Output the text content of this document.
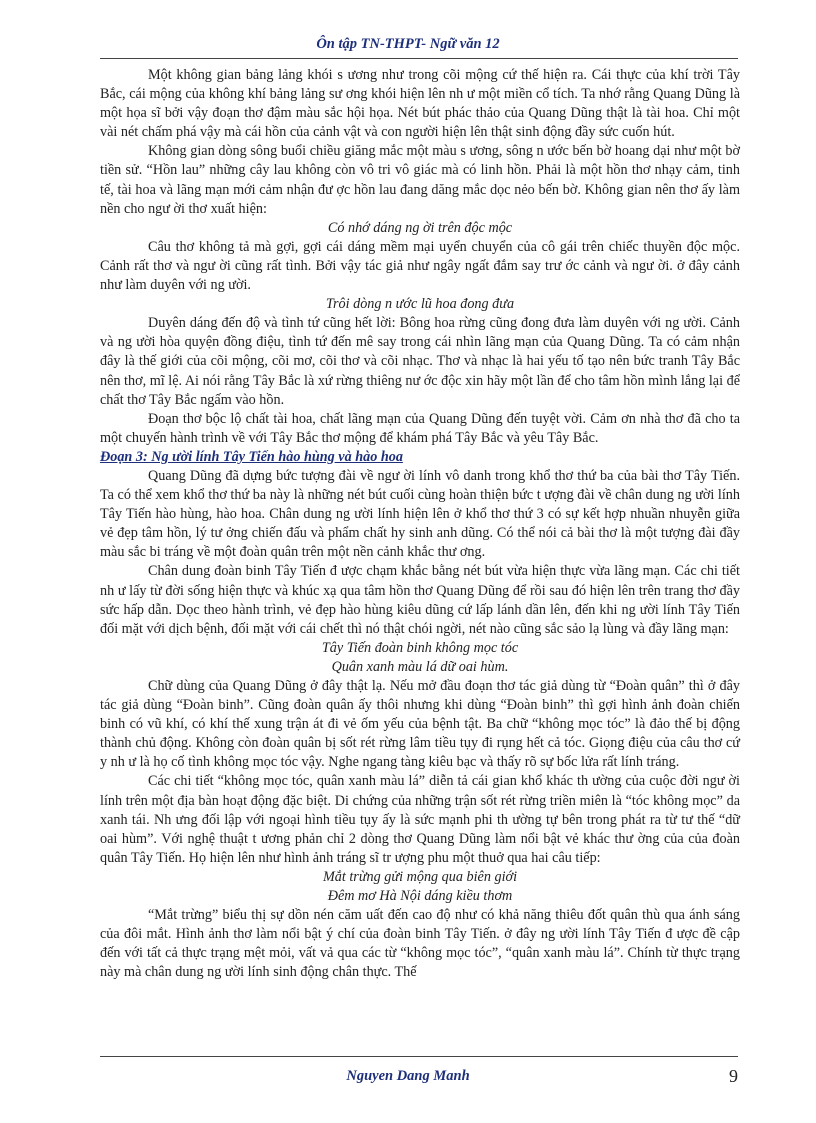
Ôn tập TN-THPT- Ngữ văn 12

Một không gian bảng lảng khói s ương như trong cõi mộng cứ thế hiện ra. Cái thực của khí trời Tây Bắc, cái mộng của không khí bảng lảng sư ơng khói hiện lên nh ư một miền cổ tích. Ta nhớ rằng Quang Dũng là một họa sĩ bởi vậy đoạn thơ đậm màu sắc hội họa. Nét bút phác thảo của Quang Dũng thật là tài hoa. Chỉ một vài nét chấm phá vậy mà cái hồn của cảnh vật và con người hiện lên thật sinh động đầy sức cuốn hút.

Không gian dòng sông buổi chiều giăng mắc một màu s ương, sông n ước bến bờ hoang dại như một bờ tiền sử. “Hồn lau” những cây lau không còn vô tri vô giác mà có linh hồn. Phải là một hồn thơ nhạy cảm, tinh tế, tài hoa và lãng mạn mới cảm nhận đư ợc hồn lau đang dăng mắc dọc nẻo bến bờ. Không gian nên thơ ấy làm nền cho ngư ời thơ xuất hiện:

Có nhớ dáng ng ời trên độc mộc

Câu thơ không tả mà gợi, gợi cái dáng mềm mại uyển chuyển của cô gái trên chiếc thuyền độc mộc. Cảnh rất thơ và ngư ời cũng rất tình. Bởi vậy tác giả như ngây ngất đắm say trư ớc cảnh và ngư ời. ở đây cảnh như làm duyên với ng ười.

Trôi dòng n ước lũ hoa đong đưa

Duyên dáng đến độ và tình tứ cũng hết lời: Bông hoa rừng cũng đong đưa làm duyên với ng ười. Cảnh và ng ười hòa quyện đồng điệu, tình tứ đến mê say trong cái nhìn lãng mạn của Quang Dũng. Ta có cảm nhận đây là thế giới của cõi mộng, cõi mơ, cõi thơ và cõi nhạc. Thơ và nhạc là hai yếu tố tạo nên bức tranh Tây Bắc nên thơ, mĩ lệ. Ai nói rằng Tây Bắc là xứ rừng thiêng nư ớc độc xin hãy một lần để cho tâm hồn mình lắng lại để chất thơ Tây Bắc ngấm vào hồn.

Đoạn thơ bộc lộ chất tài hoa, chất lãng mạn của Quang Dũng đến tuyệt vời. Cảm ơn nhà thơ đã cho ta một chuyến hành trình về với Tây Bắc thơ mộng để khám phá Tây Bắc và yêu Tây Bắc.

Đoạn 3: Ng ười lính Tây Tiến hào hùng và hào hoa

Quang Dũng đã dựng bức tượng đài về ngư ời lính vô danh trong khổ thơ thứ ba của bài thơ Tây Tiến. Ta có thể xem khổ thơ thứ ba này là những nét bút cuối cùng hoàn thiện bức t ượng đài về chân dung ng ười lính Tây Tiến hào hùng, hào hoa. Chân dung ng ười lính hiện lên ở khổ thơ thứ 3 có sự kết hợp nhuần nhuyễn giữa vẻ đẹp tâm hồn, lý tư ởng chiến đấu và phẩm chất hy sinh anh dũng. Có thể nói cả bài thơ là một tượng đài đầy màu sắc bi tráng về một đoàn quân trên một nền cảnh khắc thư ơng.

Chân dung đoàn binh Tây Tiến đ ược chạm khắc bằng nét bút vừa hiện thực vừa lãng mạn. Các chi tiết nh ư lấy từ đời sống hiện thực và khúc xạ qua tâm hồn thơ Quang Dũng để rồi sau đó hiện lên trên trang thơ đầy sức hấp dẫn. Dọc theo hành trình, vẻ đẹp hào hùng kiêu dũng cứ lấp lánh dần lên, đến khi ng ười lính Tây Tiến đối mặt với dịch bệnh, đối mặt với cái chết thì nó thật chói ngời, nét nào cũng sắc sảo lạ lùng và đầy lãng mạn:

Tây Tiến đoàn binh không mọc tóc

Quân xanh màu lá dữ oai hùm.

Chữ dùng của Quang Dũng ở đây thật lạ. Nếu mở đầu đoạn thơ tác giả dùng từ “Đoàn quân” thì ở đây tác giả dùng “Đoàn binh”. Cũng đoàn quân ấy thôi nhưng khi dùng “Đoàn binh” thì gợi hình ảnh đoàn chiến binh có vũ khí, có khí thế xung trận át đi vẻ ốm yếu của bệnh tật. Ba chữ “không mọc tóc” là đảo thế bị động thành chủ động. Không còn đoàn quân bị sốt rét rừng lâm tiều tụy đi rụng hết cả tóc. Giọng điệu của câu thơ cứ y nh ư là họ cố tình không mọc tóc vậy. Nghe ngang tàng kiêu bạc và thấy rõ sự bốc lửa rất lính tráng.

Các chi tiết “không mọc tóc, quân xanh màu lá” diễn tả cái gian khổ khác th ường của cuộc đời ngư ời lính trên một địa bàn hoạt động đặc biệt. Di chứng của những trận sốt rét rừng triền miên là “tóc không mọc” da xanh tái. Nh ưng đối lập với ngoại hình tiều tụy ấy là sức mạnh phi th ường tự bên trong phát ra từ tư thế “dữ oai hùm”. Với nghệ thuật t ương phản chỉ 2 dòng thơ Quang Dũng làm nổi bật vẻ khác thư ờng của của đoàn quân Tây Tiến. Họ hiện lên như hình ảnh tráng sĩ tr ượng phu một thuở qua hai câu tiếp:

Mắt trừng gửi mộng qua biên giới

Đêm mơ Hà Nội dáng kiều thơm

“Mắt trừng” biểu thị sự dồn nén căm uất đến cao độ như có khả năng thiêu đốt quân thù qua ánh sáng của đôi mắt. Hình ảnh thơ làm nổi bật ý chí của đoàn binh Tây Tiến. ở đây ng ười lính Tây Tiến đ ược đề cập đến với tất cả thực trạng mệt mỏi, vất vả qua các từ “không mọc tóc”, “quân xanh màu lá”. Chính từ thực trạng này mà chân dung ng ười lính sinh động chân thực. Thế

Nguyen Dang Manh	9
